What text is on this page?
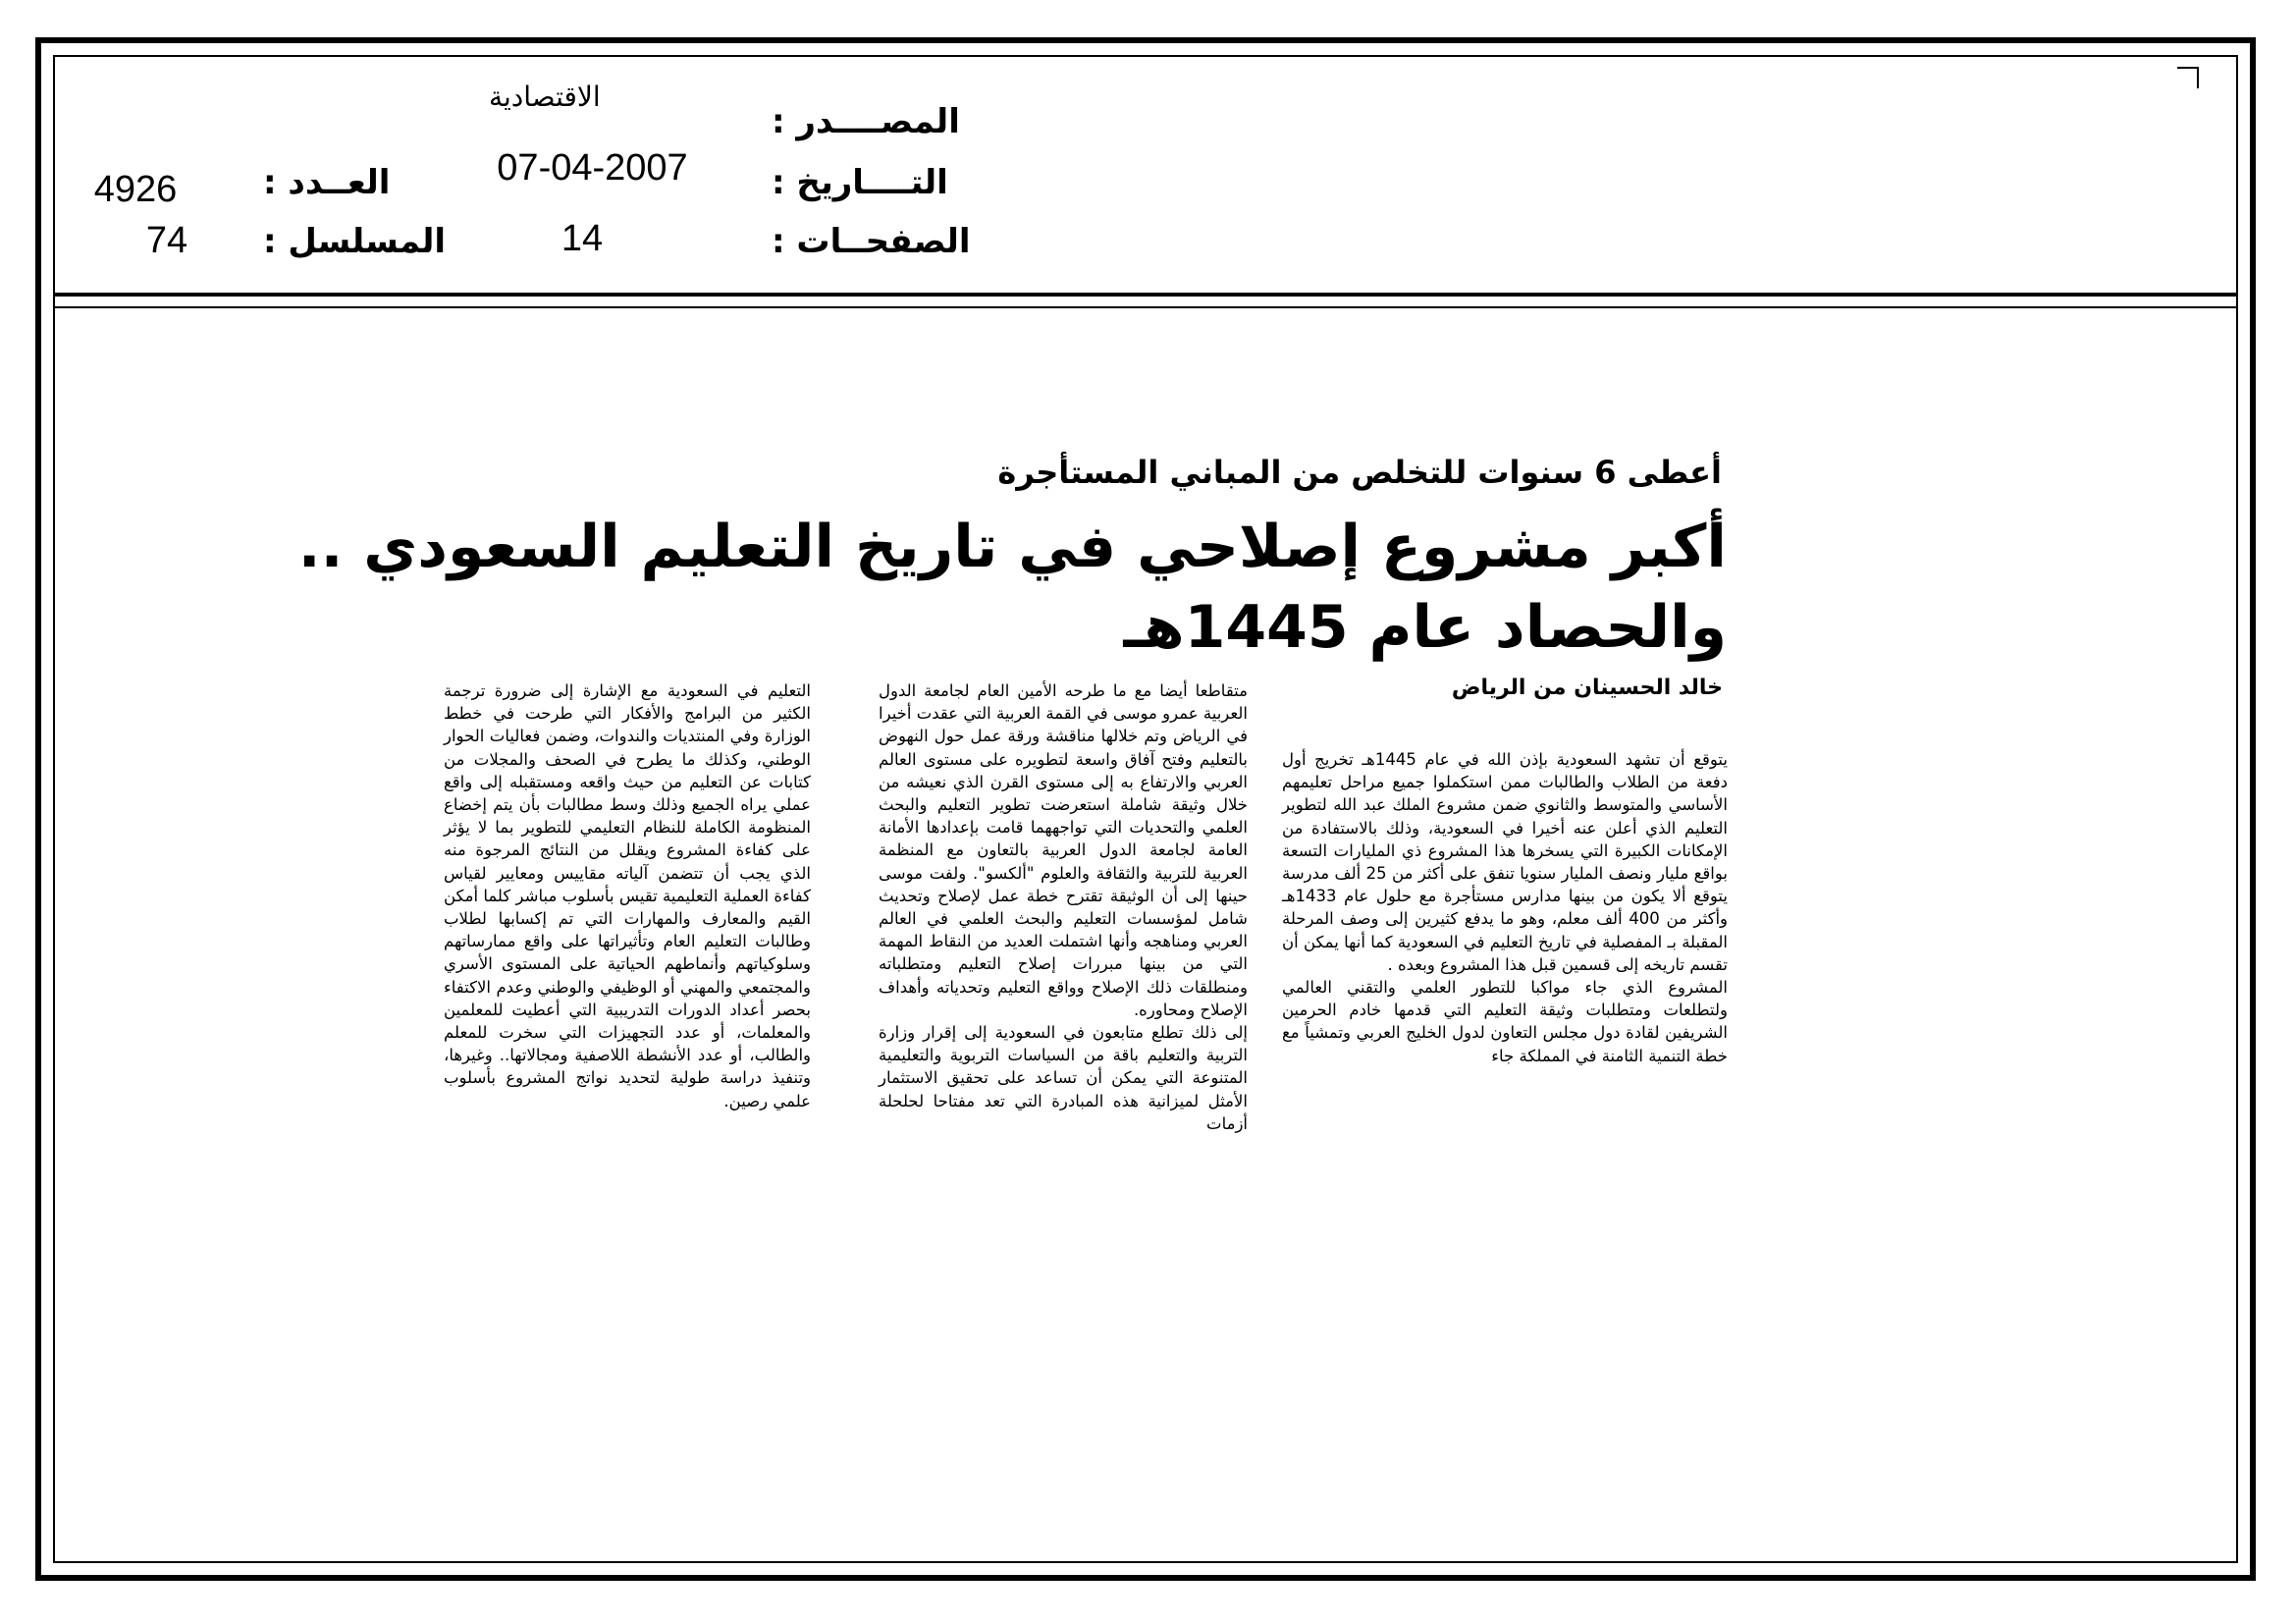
المصــــدر :
التــــاريخ :
الصفحــات :
العــدد :
المسلسل :
الاقتصادية
07-04-2007
14
4926
74
أعطى 6 سنوات للتخلص من المباني المستأجرة
أكبر مشروع إصلاحي في تاريخ التعليم السعودي ..
والحصاد عام 1445هـ
خالد الحسينان من الرياض

يتوقع أن تشهد السعودية بإذن الله في عام 1445هـ تخريج أول دفعة من الطلاب والطالبات ممن استكملوا جميع مراحل تعليمهم الأساسي والمتوسط والثانوي ضمن مشروع الملك عبد الله لتطوير التعليم الذي أعلن عنه أخيرا في السعودية، وذلك بالاستفادة من الإمكانات الكبيرة التي يسخرها هذا المشروع ذي المليارات التسعة بواقع مليار ونصف المليار سنويا تنفق على أكثر من 25 ألف مدرسة يتوقع ألا يكون من بينها مدارس مستأجرة مع حلول عام 1433هـ وأكثر من 400 ألف معلم، وهو ما يدفع كثيرين إلى وصف المرحلة المقبلة بـ المفصلية في تاريخ التعليم في السعودية كما أنها يمكن أن تقسم تاريخه إلى قسمين قبل هذا المشروع وبعده .

المشروع الذي جاء مواكبا للتطور العلمي والتقني العالمي ولتطلعات ومتطلبات وثيقة التعليم التي قدمها خادم الحرمين الشريفين لقادة دول مجلس التعاون لدول الخليج العربي وتمشياً مع خطة التنمية الثامنة في المملكة جاء

متقاطعا أيضا مع ما طرحه الأمين العام لجامعة الدول العربية عمرو موسى في القمة العربية التي عقدت أخيرا في الرياض وتم خلالها مناقشة ورقة عمل حول النهوض بالتعليم وفتح آفاق واسعة لتطويره على مستوى العالم العربي والارتفاع به إلى مستوى القرن الذي نعيشه من خلال وثيقة شاملة استعرضت تطوير التعليم والبحث العلمي والتحديات التي تواجههما قامت بإعدادها الأمانة العامة لجامعة الدول العربية بالتعاون مع المنظمة العربية للتربية والثقافة والعلوم "ألكسو". ولفت موسى حينها إلى أن الوثيقة تقترح خطة عمل لإصلاح وتحديث شامل لمؤسسات التعليم والبحث العلمي في العالم العربي ومناهجه وأنها اشتملت العديد من النقاط المهمة التي من بينها مبررات إصلاح التعليم ومتطلباته ومنطلقات ذلك الإصلاح وواقع التعليم وتحدياته وأهداف الإصلاح ومحاوره.

إلى ذلك تطلع متابعون في السعودية إلى إقرار وزارة التربية والتعليم باقة من السياسات التربوية والتعليمية المتنوعة التي يمكن أن تساعد على تحقيق الاستثمار الأمثل لميزانية هذه المبادرة التي تعد مفتاحا لحلحلة أزمات

التعليم في السعودية مع الإشارة إلى ضرورة ترجمة الكثير من البرامج والأفكار التي طرحت في خطط الوزارة وفي المنتديات والندوات، وضمن فعاليات الحوار الوطني، وكذلك ما يطرح في الصحف والمجلات من كتابات عن التعليم من حيث واقعه ومستقبله إلى واقع عملي يراه الجميع وذلك وسط مطالبات بأن يتم إخضاع المنظومة الكاملة للنظام التعليمي للتطوير بما لا يؤثر على كفاءة المشروع ويقلل من النتائج المرجوة منه الذي يجب أن تتضمن آلياته مقاييس ومعايير لقياس كفاءة العملية التعليمية تقيس بأسلوب مباشر كلما أمكن القيم والمعارف والمهارات التي تم إكسابها لطلاب وطالبات التعليم العام وتأثيراتها على واقع ممارساتهم وسلوكياتهم وأنماطهم الحياتية على المستوى الأسري والمجتمعي والمهني أو الوظيفي والوطني وعدم الاكتفاء بحصر أعداد الدورات التدريبية التي أعطيت للمعلمين والمعلمات، أو عدد التجهيزات التي سخرت للمعلم والطالب، أو عدد الأنشطة اللاصفية ومجالاتها.. وغيرها، وتنفيذ دراسة طولية لتحديد نواتج المشروع بأسلوب علمي رصين.
